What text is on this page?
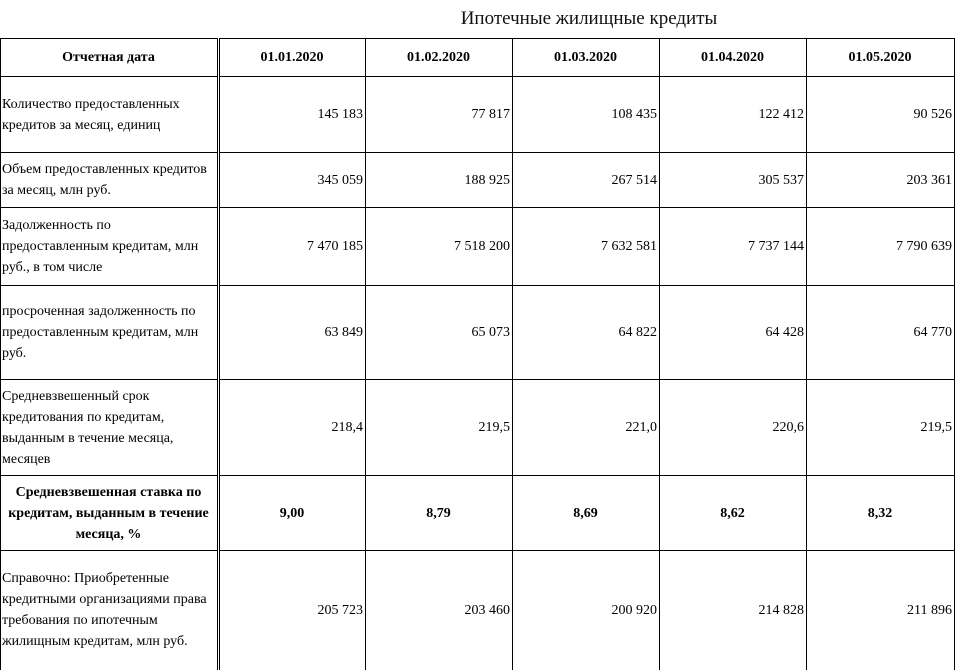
Ипотечные жилищные кредиты
Отчетная дата	01.01.2020	01.02.2020	01.03.2020	01.04.2020	01.05.2020
Количество предоставленных кредитов за месяц, единиц	145 183	77 817	108 435	122 412	90 526
Объем предоставленных кредитов за месяц, млн руб.	345 059	188 925	267 514	305 537	203 361
Задолженность по предоставленным кредитам, млн руб., в том числе	7 470 185	7 518 200	7 632 581	7 737 144	7 790 639
просроченная задолженность по предоставленным кредитам, млн руб.	63 849	65 073	64 822	64 428	64 770
Средневзвешенный срок кредитования по кредитам, выданным в течение месяца, месяцев	218,4	219,5	221,0	220,6	219,5
Средневзвешенная ставка по кредитам, выданным в течение месяца, %	9,00	8,79	8,69	8,62	8,32
Справочно: Приобретенные кредитными организациями права требования по ипотечным жилищным кредитам, млн руб.	205 723	203 460	200 920	214 828	211 896
